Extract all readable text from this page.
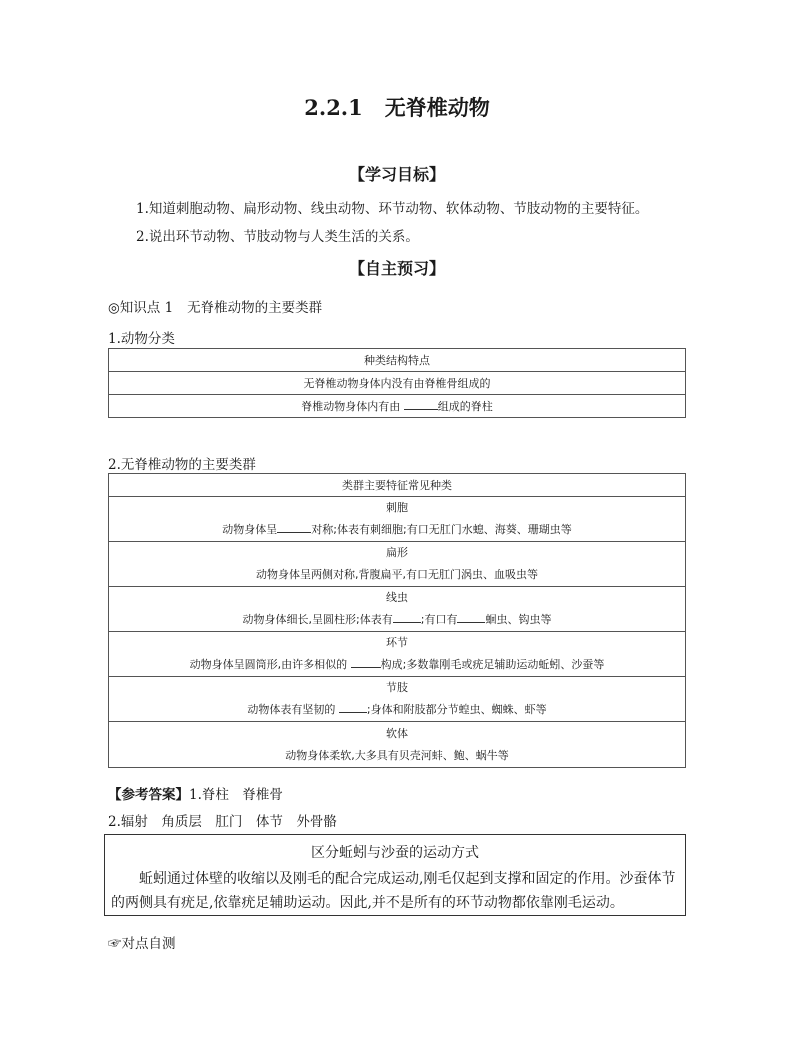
2.2.1 无脊椎动物
【学习目标】
1.知道刺胞动物、扁形动物、线虫动物、环节动物、软体动物、节肢动物的主要特征。
2.说出环节动物、节肢动物与人类生活的关系。
【自主预习】
◎知识点 1 无脊椎动物的主要类群
1.动物分类
种类结构特点
无脊椎动物身体内没有由脊椎骨组成的
脊椎动物身体内有由	组成的脊柱
2.无脊椎动物的主要类群
类群主要特征常见种类

刺胞
动物身体呈	对称;体表有刺细胞;有口无肛门水螅、海葵、珊瑚虫等

扁形
动物身体呈两侧对称,背腹扁平,有口无肛门涡虫、血吸虫等

线虫
动物身体细长,呈圆柱形;体表有	;有口有	蛔虫、钩虫等

环节
动物身体呈圆筒形,由许多相似的	构成;多数靠刚毛或疣足辅助运动蚯蚓、沙蚕等

节肢
动物体表有坚韧的	;身体和附肢都分节蝗虫、蜘蛛、虾等

软体
动物身体柔软,大多具有贝壳河蚌、鲍、蜗牛等
【参考答案】1.脊柱　脊椎骨
2.辐射　角质层　肛门　体节　外骨骼
区分蚯蚓与沙蚕的运动方式
蚯蚓通过体壁的收缩以及刚毛的配合完成运动,刚毛仅起到支撑和固定的作用。沙蚕体节的两侧具有疣足,依靠疣足辅助运动。因此,并不是所有的环节动物都依靠刚毛运动。
☞对点自测
